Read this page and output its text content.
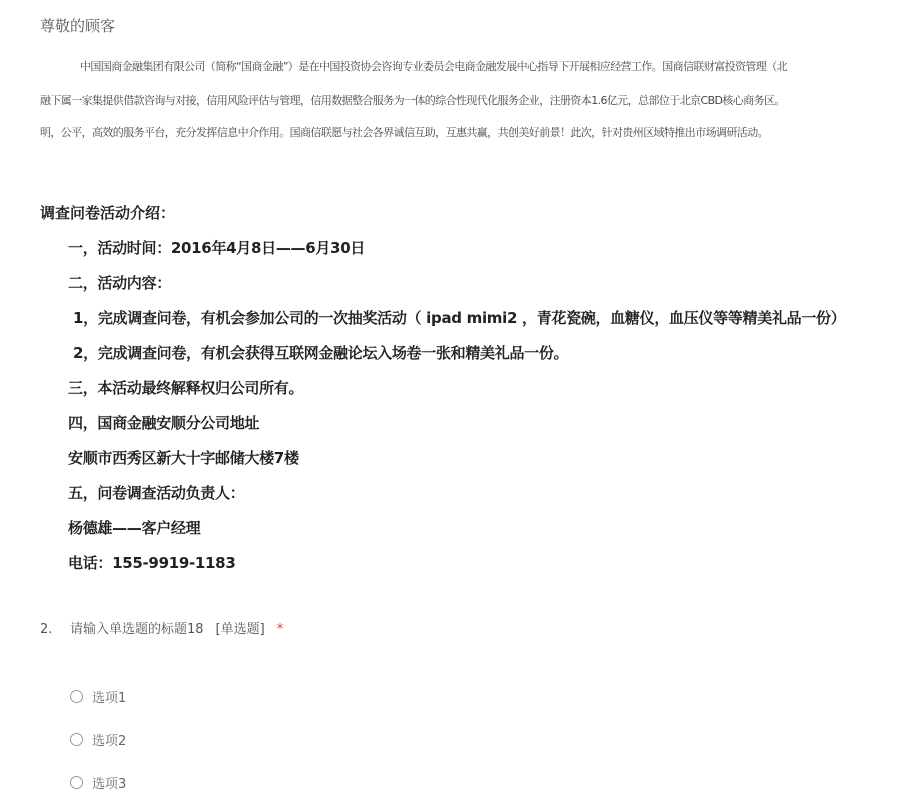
尊敬的顾客
中国国商金融集团有限公司（简称“国商金融”）是在中国投资协会咨询专业委员会电商金融发展中心指导下开展相应经营工作。国商信联财富投资管理（北
融下属一家集提供借款咨询与对接，信用风险评估与管理，信用数据整合服务为一体的综合性现代化服务企业，注册资本1.6亿元，总部位于北京CBD核心商务区。
明，公平，高效的服务平台，充分发挥信息中介作用。国商信联愿与社会各界诚信互助，互惠共赢，共创美好前景！此次，针对贵州区域特推出市场调研活动。
调查问卷活动介绍：
一，活动时间：2016年4月8日——6月30日
二，活动内容：
1，完成调查问卷，有机会参加公司的一次抽奖活动（ ipad mimi2 ，青花瓷碗，血糖仪，血压仪等等精美礼品一份）
2，完成调查问卷，有机会获得互联网金融论坛入场卷一张和精美礼品一份。
三，本活动最终解释权归公司所有。
四，国商金融安顺分公司地址
安顺市西秀区新大十字邮储大楼7楼
五，问卷调查活动负责人：
杨德雄——客户经理
电话：155-9919-1183
2. 请输入单选题的标题18 [单选题] *
选项1
选项2
选项3
